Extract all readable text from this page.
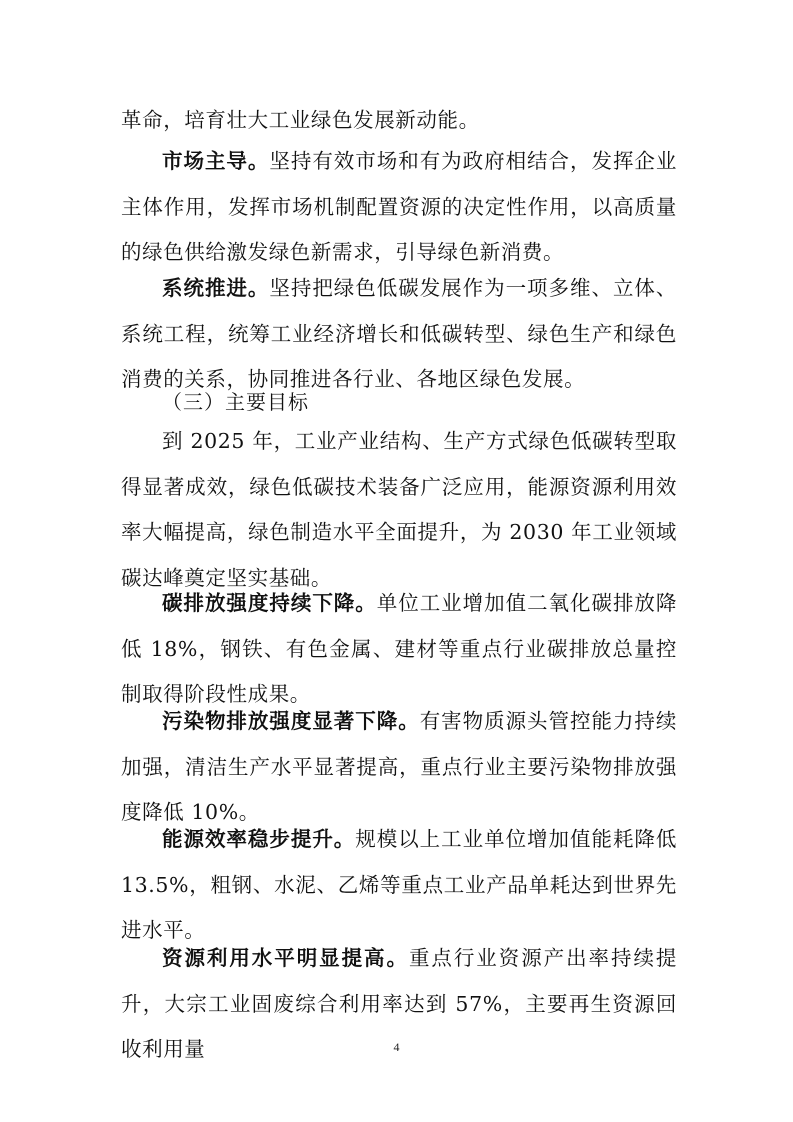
革命，培育壮大工业绿色发展新动能。

市场主导。坚持有效市场和有为政府相结合，发挥企业主体作用，发挥市场机制配置资源的决定性作用，以高质量的绿色供给激发绿色新需求，引导绿色新消费。

系统推进。坚持把绿色低碳发展作为一项多维、立体、系统工程，统筹工业经济增长和低碳转型、绿色生产和绿色消费的关系，协同推进各行业、各地区绿色发展。

（三）主要目标

到 2025 年，工业产业结构、生产方式绿色低碳转型取得显著成效，绿色低碳技术装备广泛应用，能源资源利用效率大幅提高，绿色制造水平全面提升，为 2030 年工业领域碳达峰奠定坚实基础。

碳排放强度持续下降。单位工业增加值二氧化碳排放降低 18%，钢铁、有色金属、建材等重点行业碳排放总量控制取得阶段性成果。

污染物排放强度显著下降。有害物质源头管控能力持续加强，清洁生产水平显著提高，重点行业主要污染物排放强度降低 10%。

能源效率稳步提升。规模以上工业单位增加值能耗降低 13.5%，粗钢、水泥、乙烯等重点工业产品单耗达到世界先进水平。

资源利用水平明显提高。重点行业资源产出率持续提升，大宗工业固废综合利用率达到 57%，主要再生资源回收利用量	4
